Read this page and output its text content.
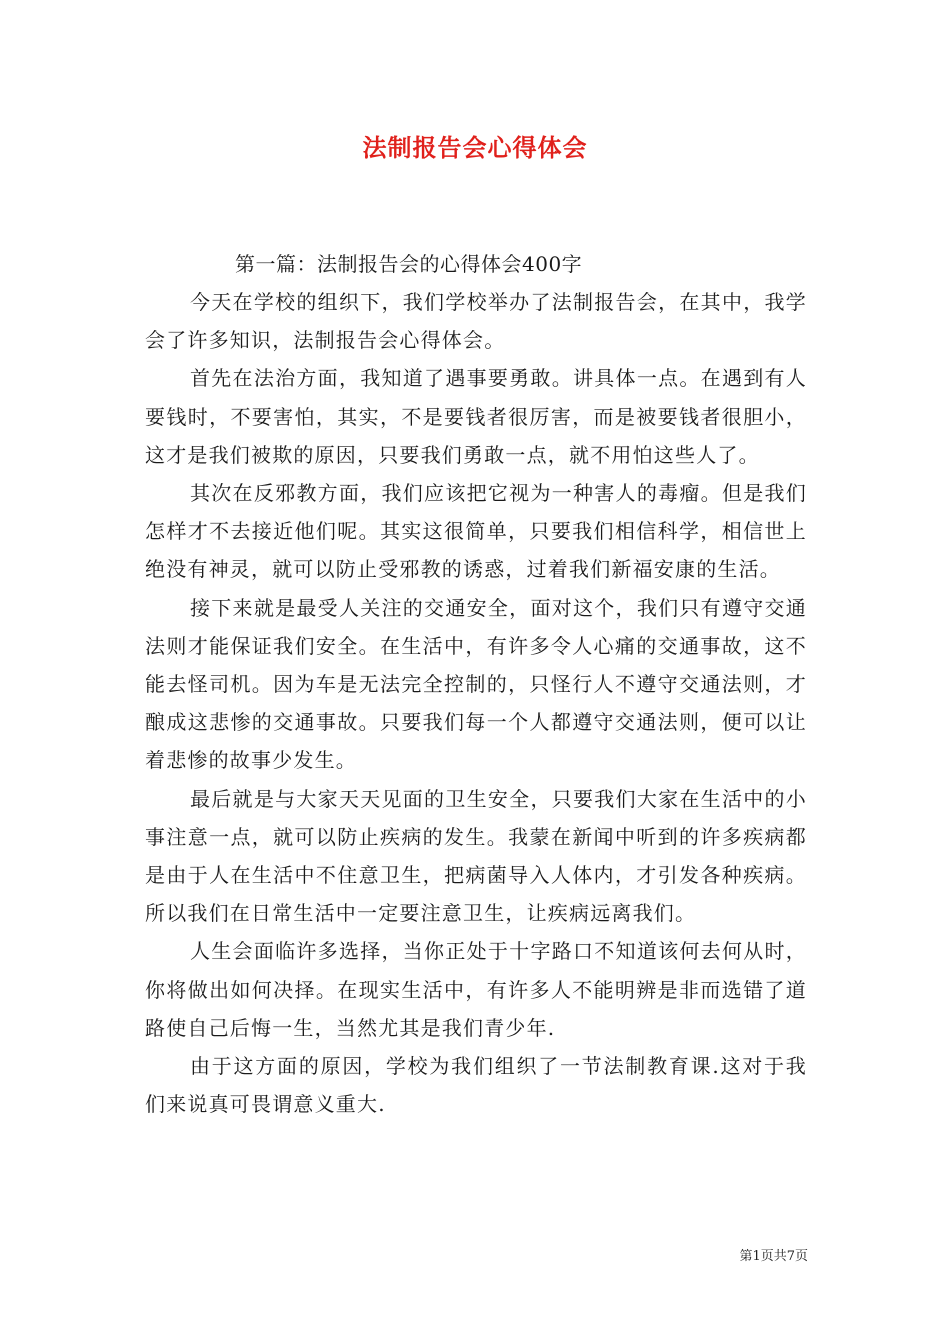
法制报告会心得体会

第一篇：法制报告会的心得体会400字

今天在学校的组织下，我们学校举办了法制报告会，在其中，我学会了许多知识，法制报告会心得体会。

首先在法治方面，我知道了遇事要勇敢。讲具体一点。在遇到有人要钱时，不要害怕，其实，不是要钱者很厉害，而是被要钱者很胆小，这才是我们被欺的原因，只要我们勇敢一点，就不用怕这些人了。

其次在反邪教方面，我们应该把它视为一种害人的毒瘤。但是我们怎样才不去接近他们呢。其实这很简单，只要我们相信科学，相信世上绝没有神灵，就可以防止受邪教的诱惑，过着我们新福安康的生活。

接下来就是最受人关注的交通安全，面对这个，我们只有遵守交通法则才能保证我们安全。在生活中，有许多令人心痛的交通事故，这不能去怪司机。因为车是无法完全控制的，只怪行人不遵守交通法则，才酿成这悲惨的交通事故。只要我们每一个人都遵守交通法则，便可以让着悲惨的故事少发生。

最后就是与大家天天见面的卫生安全，只要我们大家在生活中的小事注意一点，就可以防止疾病的发生。我蒙在新闻中听到的许多疾病都是由于人在生活中不住意卫生，把病菌导入人体内，才引发各种疾病。所以我们在日常生活中一定要注意卫生，让疾病远离我们。

人生会面临许多选择，当你正处于十字路口不知道该何去何从时，你将做出如何决择。在现实生活中，有许多人不能明辨是非而选错了道路使自己后悔一生，当然尤其是我们青少年.

由于这方面的原因，学校为我们组织了一节法制教育课.这对于我们来说真可畏谓意义重大.

第1页共7页
